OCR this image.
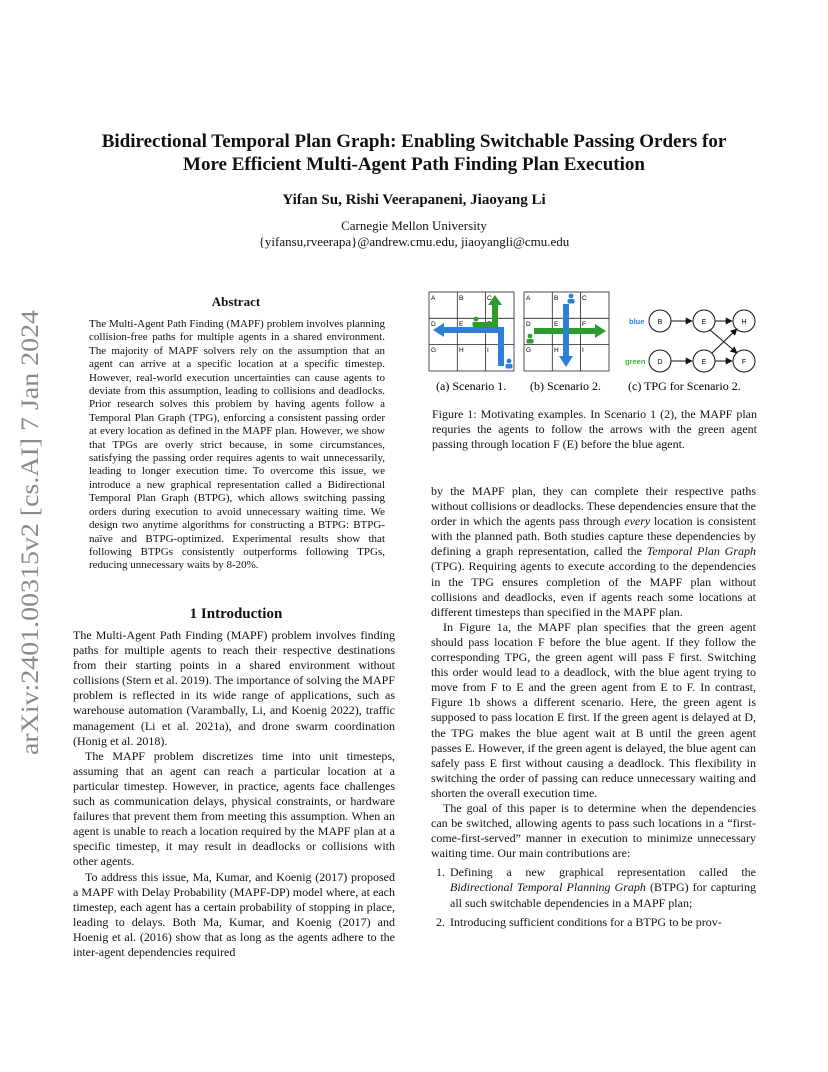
arXiv:2401.00315v2 [cs.AI] 7 Jan 2024
Bidirectional Temporal Plan Graph: Enabling Switchable Passing Orders for
More Efficient Multi-Agent Path Finding Plan Execution
Yifan Su, Rishi Veerapaneni, Jiaoyang Li
Carnegie Mellon University
{yifansu,rveerapa}@andrew.cmu.edu, jiaoyangli@cmu.edu
Abstract
The Multi-Agent Path Finding (MAPF) problem involves planning collision-free paths for multiple agents in a shared environment. The majority of MAPF solvers rely on the assumption that an agent can arrive at a specific location at a specific timestep. However, real-world execution uncertainties can cause agents to deviate from this assumption, leading to collisions and deadlocks. Prior research solves this problem by having agents follow a Temporal Plan Graph (TPG), enforcing a consistent passing order at every location as defined in the MAPF plan. However, we show that TPGs are overly strict because, in some circumstances, satisfying the passing order requires agents to wait unnecessarily, leading to longer execution time. To overcome this issue, we introduce a new graphical representation called a Bidirectional Temporal Plan Graph (BTPG), which allows switching passing orders during execution to avoid unnecessary waiting time. We design two anytime algorithms for constructing a BTPG: BTPG-naïve and BTPG-optimized. Experimental results show that following BTPGs consistently outperforms following TPGs, reducing unnecessary waits by 8-20%.
1 Introduction

The Multi-Agent Path Finding (MAPF) problem involves finding paths for multiple agents to reach their respective destinations from their starting points in a shared environment without collisions (Stern et al. 2019). The importance of solving the MAPF problem is reflected in its wide range of applications, such as warehouse automation (Varambally, Li, and Koenig 2022), traffic management (Li et al. 2021a), and drone swarm coordination (Honig et al. 2018).

The MAPF problem discretizes time into unit timesteps, assuming that an agent can reach a particular location at a particular timestep. However, in practice, agents face challenges such as communication delays, physical constraints, or hardware failures that prevent them from meeting this assumption. When an agent is unable to reach a location required by the MAPF plan at a specific timestep, it may result in deadlocks or collisions with other agents.

To address this issue, Ma, Kumar, and Koenig (2017) proposed a MAPF with Delay Probability (MAPF-DP) model where, at each timestep, each agent has a certain probability of stopping in place, leading to delays. Both Ma, Kumar, and Koenig (2017) and Hoenig et al. (2016) show that as long as the agents adhere to the inter-agent dependencies required

A	B	C
D	E	F
G	H	I
A	B	C
D	E	F
G	H	I
blue
green
B	E	H
D	E	F
(a) Scenario 1. (b) Scenario 2. (c) TPG for Scenario 2.
Figure 1: Motivating examples. In Scenario 1 (2), the MAPF plan requries the agents to follow the arrows with the green agent passing through location F (E) before the blue agent.

by the MAPF plan, they can complete their respective paths without collisions or deadlocks. These dependencies ensure that the order in which the agents pass through every location is consistent with the planned path. Both studies capture these dependencies by defining a graph representation, called the Temporal Plan Graph (TPG). Requiring agents to execute according to the dependencies in the TPG ensures completion of the MAPF plan without collisions and deadlocks, even if agents reach some locations at different timesteps than specified in the MAPF plan.

In Figure 1a, the MAPF plan specifies that the green agent should pass location F before the blue agent. If they follow the corresponding TPG, the green agent will pass F first. Switching this order would lead to a deadlock, with the blue agent trying to move from F to E and the green agent from E to F. In contrast, Figure 1b shows a different scenario. Here, the green agent is supposed to pass location E first. If the green agent is delayed at D, the TPG makes the blue agent wait at B until the green agent passes E. However, if the green agent is delayed, the blue agent can safely pass E first without causing a deadlock. This flexibility in switching the order of passing can reduce unnecessary waiting and shorten the overall execution time.

The goal of this paper is to determine when the dependencies can be switched, allowing agents to pass such locations in a “first-come-first-served” manner in execution to minimize unnecessary waiting time. Our main contributions are:

1. Defining a new graphical representation called the Bidirectional Temporal Planning Graph (BTPG) for capturing all such switchable dependencies in a MAPF plan;
2. Introducing sufficient conditions for a BTPG to be prov-
